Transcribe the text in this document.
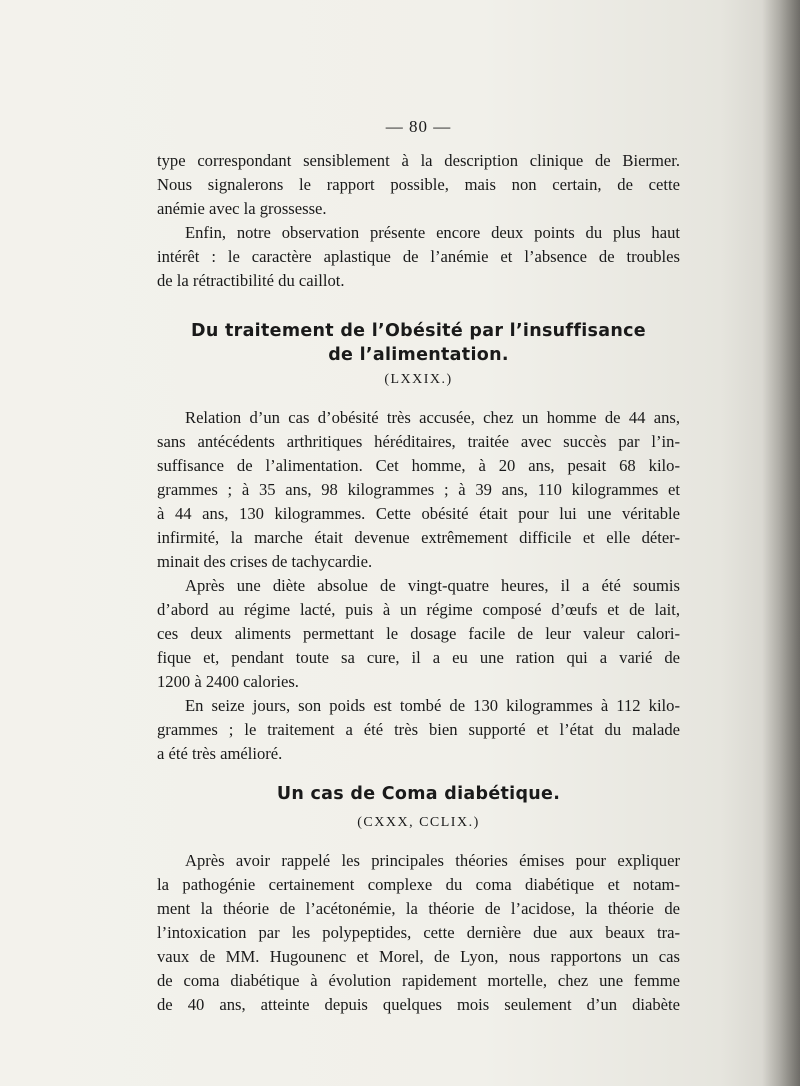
— 80 —
type correspondant sensiblement à la description clinique de Biermer.
Nous signalerons le rapport possible, mais non certain, de cette
anémie avec la grossesse.
Enfin, notre observation présente encore deux points du plus haut
intérêt : le caractère aplastique de l’anémie et l’absence de troubles
de la rétractibilité du caillot.
Du traitement de l’Obésité par l’insuffisance
de l’alimentation.
(LXXIX.)
Relation d’un cas d’obésité très accusée, chez un homme de 44 ans,
sans antécédents arthritiques héréditaires, traitée avec succès par l’in-
suffisance de l’alimentation. Cet homme, à 20 ans, pesait 68 kilo-
grammes ; à 35 ans, 98 kilogrammes ; à 39 ans, 110 kilogrammes et
à 44 ans, 130 kilogrammes. Cette obésité était pour lui une véritable
infirmité, la marche était devenue extrêmement difficile et elle déter-
minait des crises de tachycardie.
Après une diète absolue de vingt-quatre heures, il a été soumis
d’abord au régime lacté, puis à un régime composé d’œufs et de lait,
ces deux aliments permettant le dosage facile de leur valeur calori-
fique et, pendant toute sa cure, il a eu une ration qui a varié de
1200 à 2400 calories.
En seize jours, son poids est tombé de 130 kilogrammes à 112 kilo-
grammes ; le traitement a été très bien supporté et l’état du malade
a été très amélioré.
Un cas de Coma diabétique.
(CXXX, CCLIX.)
Après avoir rappelé les principales théories émises pour expliquer
la pathogénie certainement complexe du coma diabétique et notam-
ment la théorie de l’acétonémie, la théorie de l’acidose, la théorie de
l’intoxication par les polypeptides, cette dernière due aux beaux tra-
vaux de MM. Hugounenc et Morel, de Lyon, nous rapportons un cas
de coma diabétique à évolution rapidement mortelle, chez une femme
de 40 ans, atteinte depuis quelques mois seulement d’un diabète
